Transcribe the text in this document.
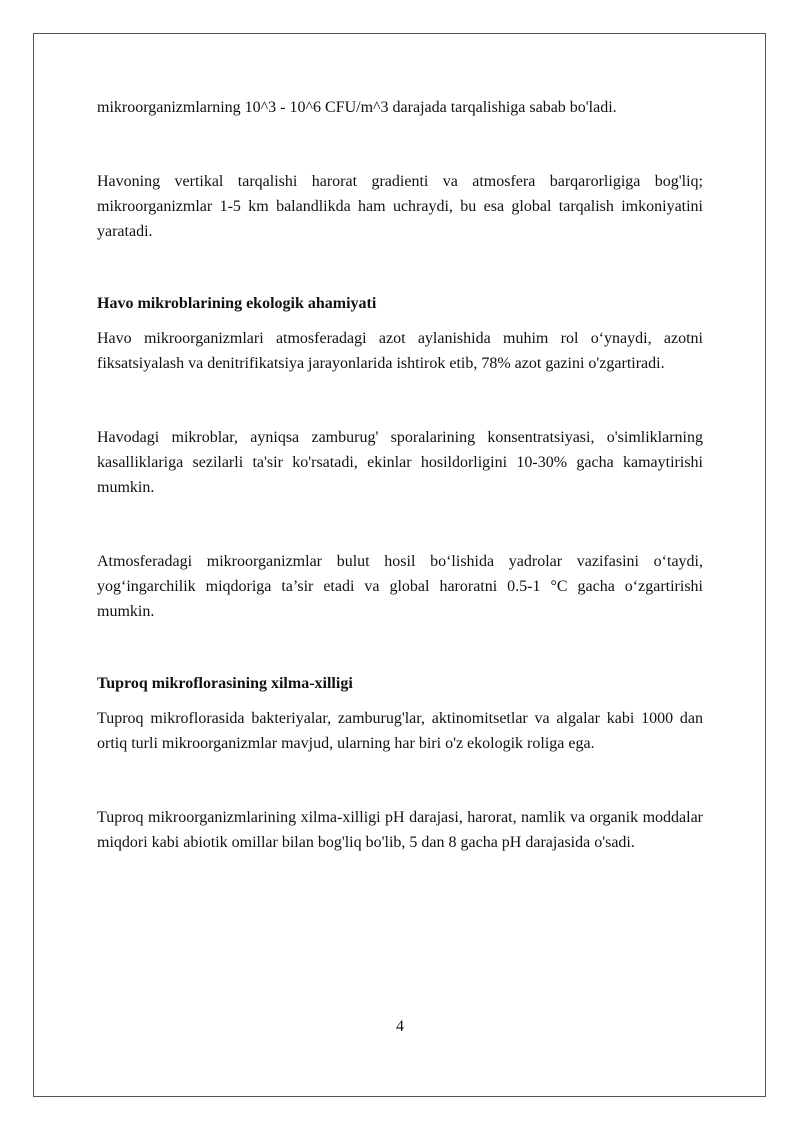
mikroorganizmlarning 10^3 - 10^6 CFU/m^3 darajada tarqalishiga sabab bo'ladi.

Havoning vertikal tarqalishi harorat gradienti va atmosfera barqarorligiga bog'liq; mikroorganizmlar 1-5 km balandlikda ham uchraydi, bu esa global tarqalish imkoniyatini yaratadi.

Havo mikroblarining ekologik ahamiyati

Havo mikroorganizmlari atmosferadagi azot aylanishida muhim rol o‘ynaydi, azotni fiksatsiyalash va denitrifikatsiya jarayonlarida ishtirok etib, 78% azot gazini o'zgartiradi.

Havodagi mikroblar, ayniqsa zamburug' sporalarining konsentratsiyasi, o'simliklarning kasalliklariga sezilarli ta'sir ko'rsatadi, ekinlar hosildorligini 10-30% gacha kamaytirishi mumkin.

Atmosferadagi mikroorganizmlar bulut hosil bo‘lishida yadrolar vazifasini o‘taydi, yog‘ingarchilik miqdoriga ta’sir etadi va global haroratni 0.5-1 °C gacha o‘zgartirishi mumkin.

Tuproq mikroflorasining xilma-xilligi

Tuproq mikroflorasida bakteriyalar, zamburug'lar, aktinomitsetlar va algalar kabi 1000 dan ortiq turli mikroorganizmlar mavjud, ularning har biri o'z ekologik roliga ega.

Tuproq mikroorganizmlarining xilma-xilligi pH darajasi, harorat, namlik va organik moddalar miqdori kabi abiotik omillar bilan bog'liq bo'lib, 5 dan 8 gacha pH darajasida o'sadi.

4
